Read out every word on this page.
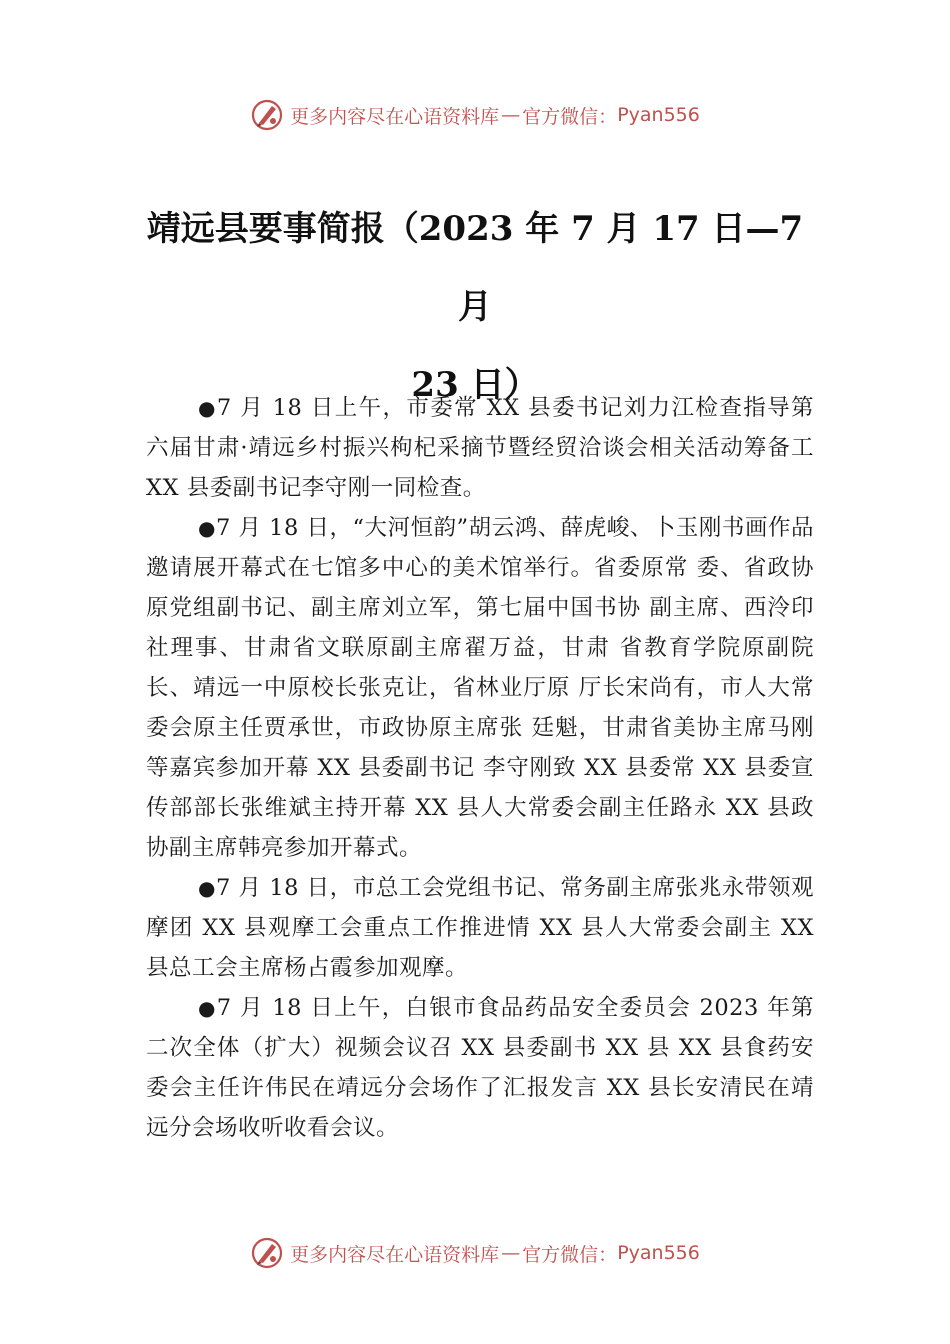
更多内容尽在心语资料库 — 官方微信： Pyan556
靖远县要事简报（2023 年 7 月 17 日—7 月
23 日）

●7 月 18 日上午，市委常 XX 县委书记刘力江检查指导第六届甘肃·靖远乡村振兴枸杞采摘节暨经贸洽谈会相关活动筹备工 XX 县委副书记李守刚一同检查。

●7 月 18 日，“大河恒韵”胡云鸿、薛虎峻、卜玉刚书画作品邀请展开幕式在七馆多中心的美术馆举行。省委原常 委、省政协原党组副书记、副主席刘立军，第七届中国书协 副主席、西泠印社理事、甘肃省文联原副主席翟万益，甘肃 省教育学院原副院长、靖远一中原校长张克让，省林业厅原 厅长宋尚有，市人大常委会原主任贾承世，市政协原主席张 廷魁，甘肃省美协主席马刚等嘉宾参加开幕 XX 县委副书记 李守刚致 XX 县委常 XX 县委宣传部部长张维斌主持开幕 XX 县人大常委会副主任路永 XX 县政协副主席韩亮参加开幕式。

●7 月 18 日，市总工会党组书记、常务副主席张兆永带领观摩团 XX 县观摩工会重点工作推进情 XX 县人大常委会副主 XX 县总工会主席杨占霞参加观摩。

●7 月 18 日上午，白银市食品药品安全委员会 2023 年第二次全体（扩大）视频会议召 XX 县委副书 XX 县 XX 县食药安委会主任许伟民在靖远分会场作了汇报发言 XX 县长安清民在靖远分会场收听收看会议。

更多内容尽在心语资料库 — 官方微信： Pyan556
